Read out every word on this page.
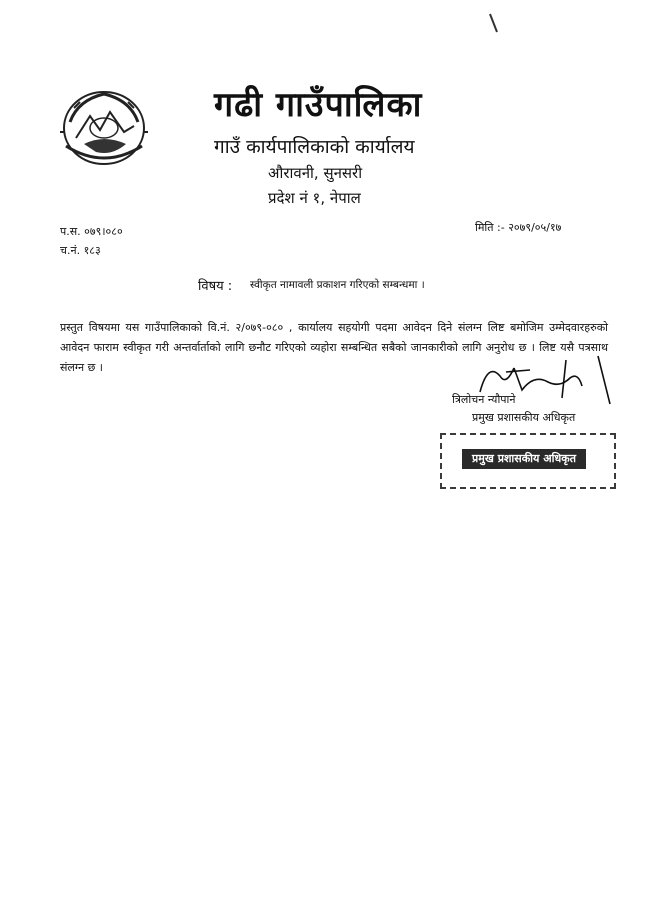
गढी गाउँपालिका
गाउँ कार्यपालिकाको कार्यालय
औरावनी, सुनसरी
प्रदेश नं १, नेपाल
प.स. ०७९।०८०
च.नं. १८३
मिति :- २०७९/०५/१७
विषय : स्वीकृत नामावली प्रकाशन गरिएको सम्बन्धमा ।
प्रस्तुत विषयमा यस गाउँपालिकाको वि.नं. २/०७९-०८० , कार्यालय सहयोगी पदमा आवेदन दिने संलग्न लिष्ट बमोजिम उम्मेदवारहरुको आवेदन फाराम स्वीकृत गरी अन्तर्वार्ताको लागि छनौट गरिएको व्यहोरा सम्बन्धित सबैको जानकारीको लागि अनुरोध छ । लिष्ट यसै पत्रसाथ संलग्न छ ।
त्रिलोचन न्यौपाने
प्रमुख प्रशासकीय अधिकृत
प्रमुख प्रशासकीय अधिकृत
